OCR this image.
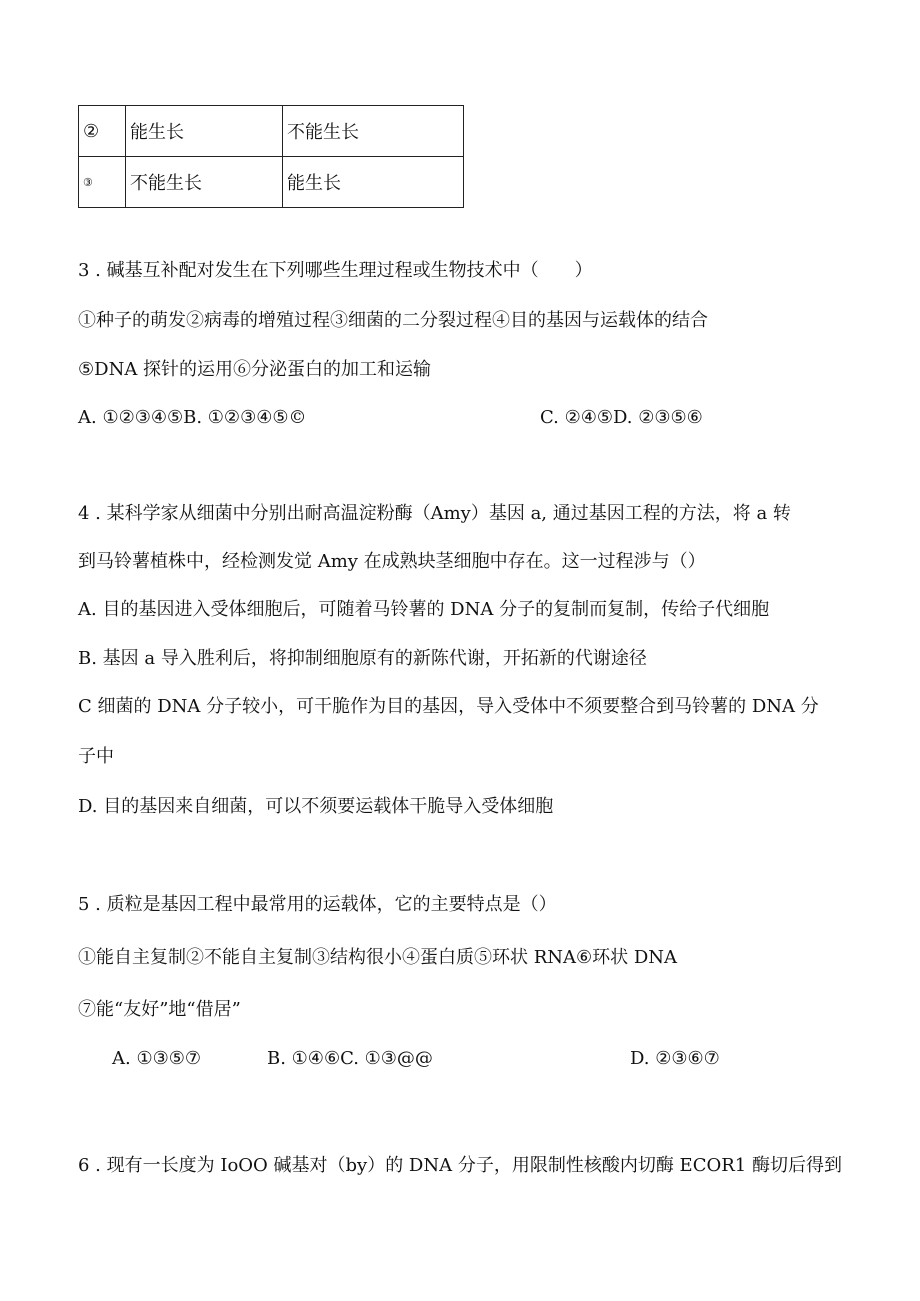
②	能生长	不能生长
③	不能生长	能生长
3 . 碱基互补配对发生在下列哪些生理过程或生物技术中（　　）
①种子的萌发②病毒的增殖过程③细菌的二分裂过程④目的基因与运载体的结合
⑤DNA 探针的运用⑥分泌蛋白的加工和运输
A. ①②③④⑤B. ①②③④⑤©	C. ②④⑤D. ②③⑤⑥
4 . 某科学家从细菌中分别出耐高温淀粉酶（Amy）基因 a, 通过基因工程的方法，将 a 转
到马铃薯植株中，经检测发觉 Amy 在成熟块茎细胞中存在。这一过程涉与（）
A. 目的基因进入受体细胞后，可随着马铃薯的 DNA 分子的复制而复制，传给子代细胞
B. 基因 a 导入胜利后，将抑制细胞原有的新陈代谢，开拓新的代谢途径
C 细菌的 DNA 分子较小，可干脆作为目的基因，导入受体中不须要整合到马铃薯的 DNA 分
子中
D. 目的基因来自细菌，可以不须要运载体干脆导入受体细胞
5 . 质粒是基因工程中最常用的运载体，它的主要特点是（）
①能自主复制②不能自主复制③结构很小④蛋白质⑤环状 RNA⑥环状 DNA
⑦能“友好”地“借居”
A. ①③⑤⑦	B. ①④⑥C. ①③@@	D. ②③⑥⑦
6 . 现有一长度为 IoOO 碱基对（by）的 DNA 分子，用限制性核酸内切酶 ECOR1 酶切后得到
